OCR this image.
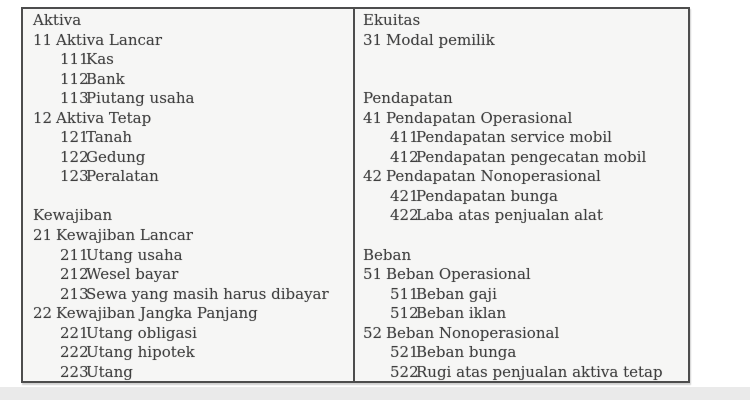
Aktiva
11 Aktiva Lancar
111Kas
112Bank
113Piutang usaha
12 Aktiva Tetap
121Tanah
122Gedung
123Peralatan
Kewajiban
21 Kewajiban Lancar
211Utang usaha
212Wesel bayar
213Sewa yang masih harus dibayar
22 Kewajiban Jangka Panjang
221Utang obligasi
222Utang hipotek
223Utang
Ekuitas
31 Modal pemilik
Pendapatan
41 Pendapatan Operasional
411Pendapatan service mobil
412Pendapatan pengecatan mobil
42 Pendapatan Nonoperasional
421Pendapatan bunga
422Laba atas penjualan alat
Beban
51 Beban Operasional
511Beban gaji
512Beban iklan
52 Beban Nonoperasional
521Beban bunga
522Rugi atas penjualan aktiva tetap
